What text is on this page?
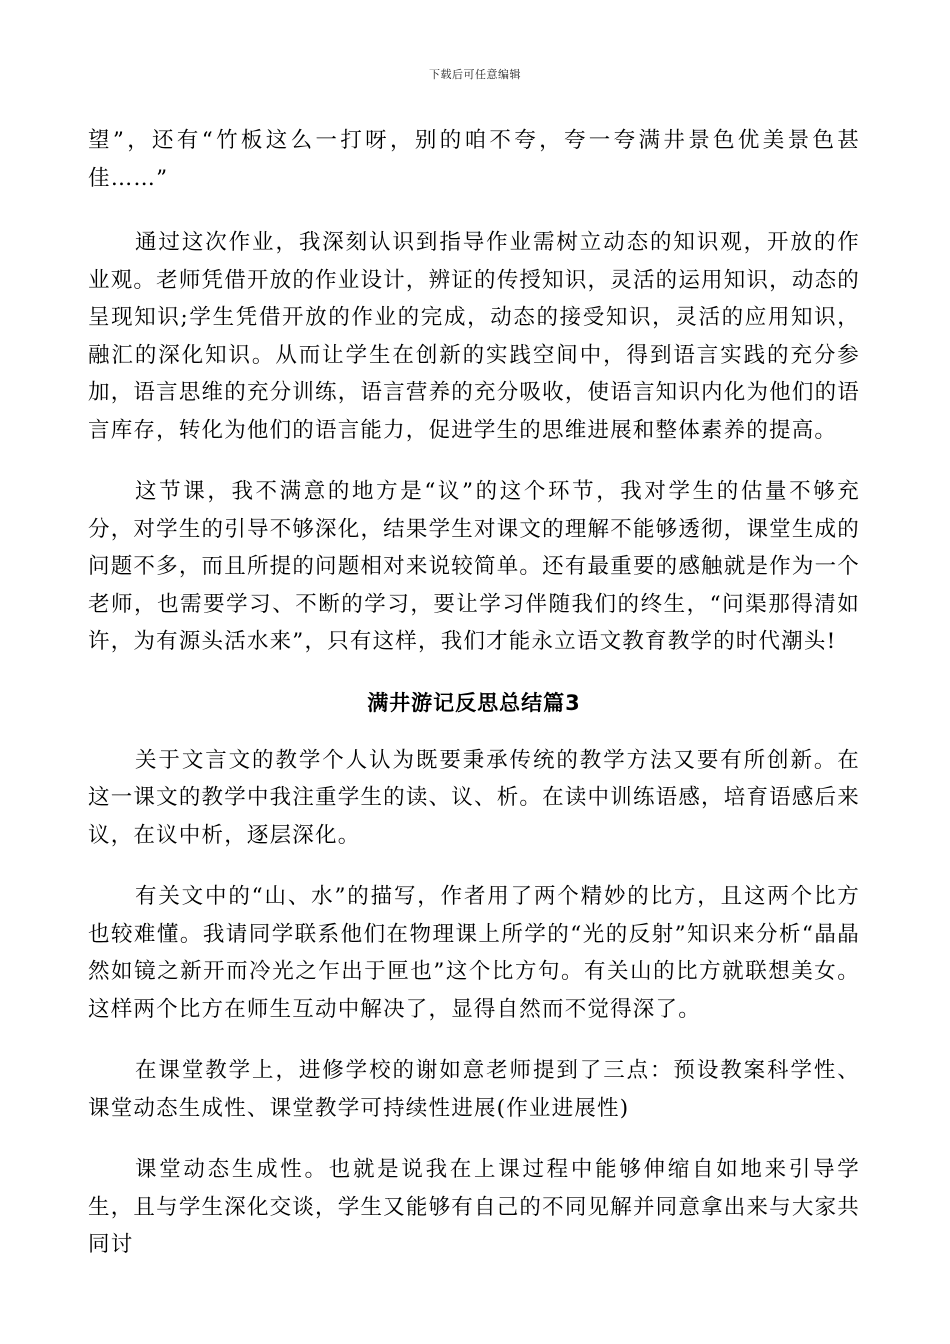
下载后可任意编辑

望”，还有“竹板这么一打呀，别的咱不夸，夸一夸满井景色优美景色甚佳……”

通过这次作业，我深刻认识到指导作业需树立动态的知识观，开放的作业观。老师凭借开放的作业设计，辨证的传授知识，灵活的运用知识，动态的呈现知识;学生凭借开放的作业的完成，动态的接受知识，灵活的应用知识，融汇的深化知识。从而让学生在创新的实践空间中，得到语言实践的充分参加，语言思维的充分训练，语言营养的充分吸收，使语言知识内化为他们的语言库存，转化为他们的语言能力，促进学生的思维进展和整体素养的提高。

这节课，我不满意的地方是“议”的这个环节，我对学生的估量不够充分，对学生的引导不够深化，结果学生对课文的理解不能够透彻，课堂生成的问题不多，而且所提的问题相对来说较简单。还有最重要的感触就是作为一个老师，也需要学习、不断的学习，要让学习伴随我们的终生，“问渠那得清如许，为有源头活水来”，只有这样，我们才能永立语文教育教学的时代潮头!

满井游记反思总结篇3

关于文言文的教学个人认为既要秉承传统的教学方法又要有所创新。在这一课文的教学中我注重学生的读、议、析。在读中训练语感，培育语感后来议，在议中析，逐层深化。

有关文中的“山、水”的描写，作者用了两个精妙的比方，且这两个比方也较难懂。我请同学联系他们在物理课上所学的“光的反射”知识来分析“晶晶然如镜之新开而冷光之乍出于匣也”这个比方句。有关山的比方就联想美女。这样两个比方在师生互动中解决了，显得自然而不觉得深了。

在课堂教学上，进修学校的谢如意老师提到了三点：预设教案科学性、课堂动态生成性、课堂教学可持续性进展(作业进展性)

课堂动态生成性。也就是说我在上课过程中能够伸缩自如地来引导学生，且与学生深化交谈，学生又能够有自己的不同见解并同意拿出来与大家共同讨
